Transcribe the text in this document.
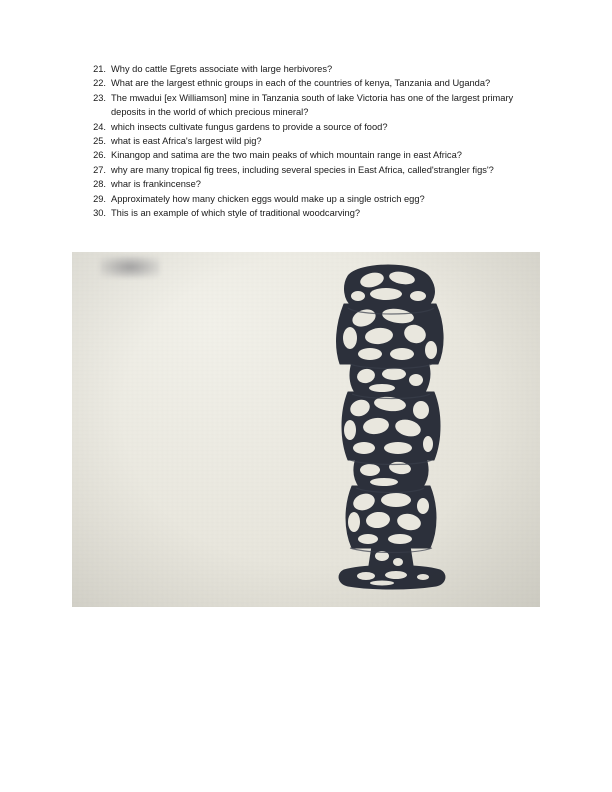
21. Why do cattle Egrets associate with large herbivores?
22. What are the largest ethnic groups in each of the countries of kenya, Tanzania and Uganda?
23. The mwadui [ex Williamson] mine in Tanzania south of lake Victoria has one of the largest primary deposits in the world of which precious mineral?
24. which insects cultivate fungus gardens to provide a source of food?
25. what is east Africa's largest wild pig?
26. Kinangop and satima are the two main peaks of which mountain range in east Africa?
27. why are many tropical fig trees, including several species in East Africa, called'strangler figs'?
28. whar is frankincense?
29. Approximately how many chicken eggs would make up a single ostrich egg?
30. This is an example of which style of traditional woodcarving?
